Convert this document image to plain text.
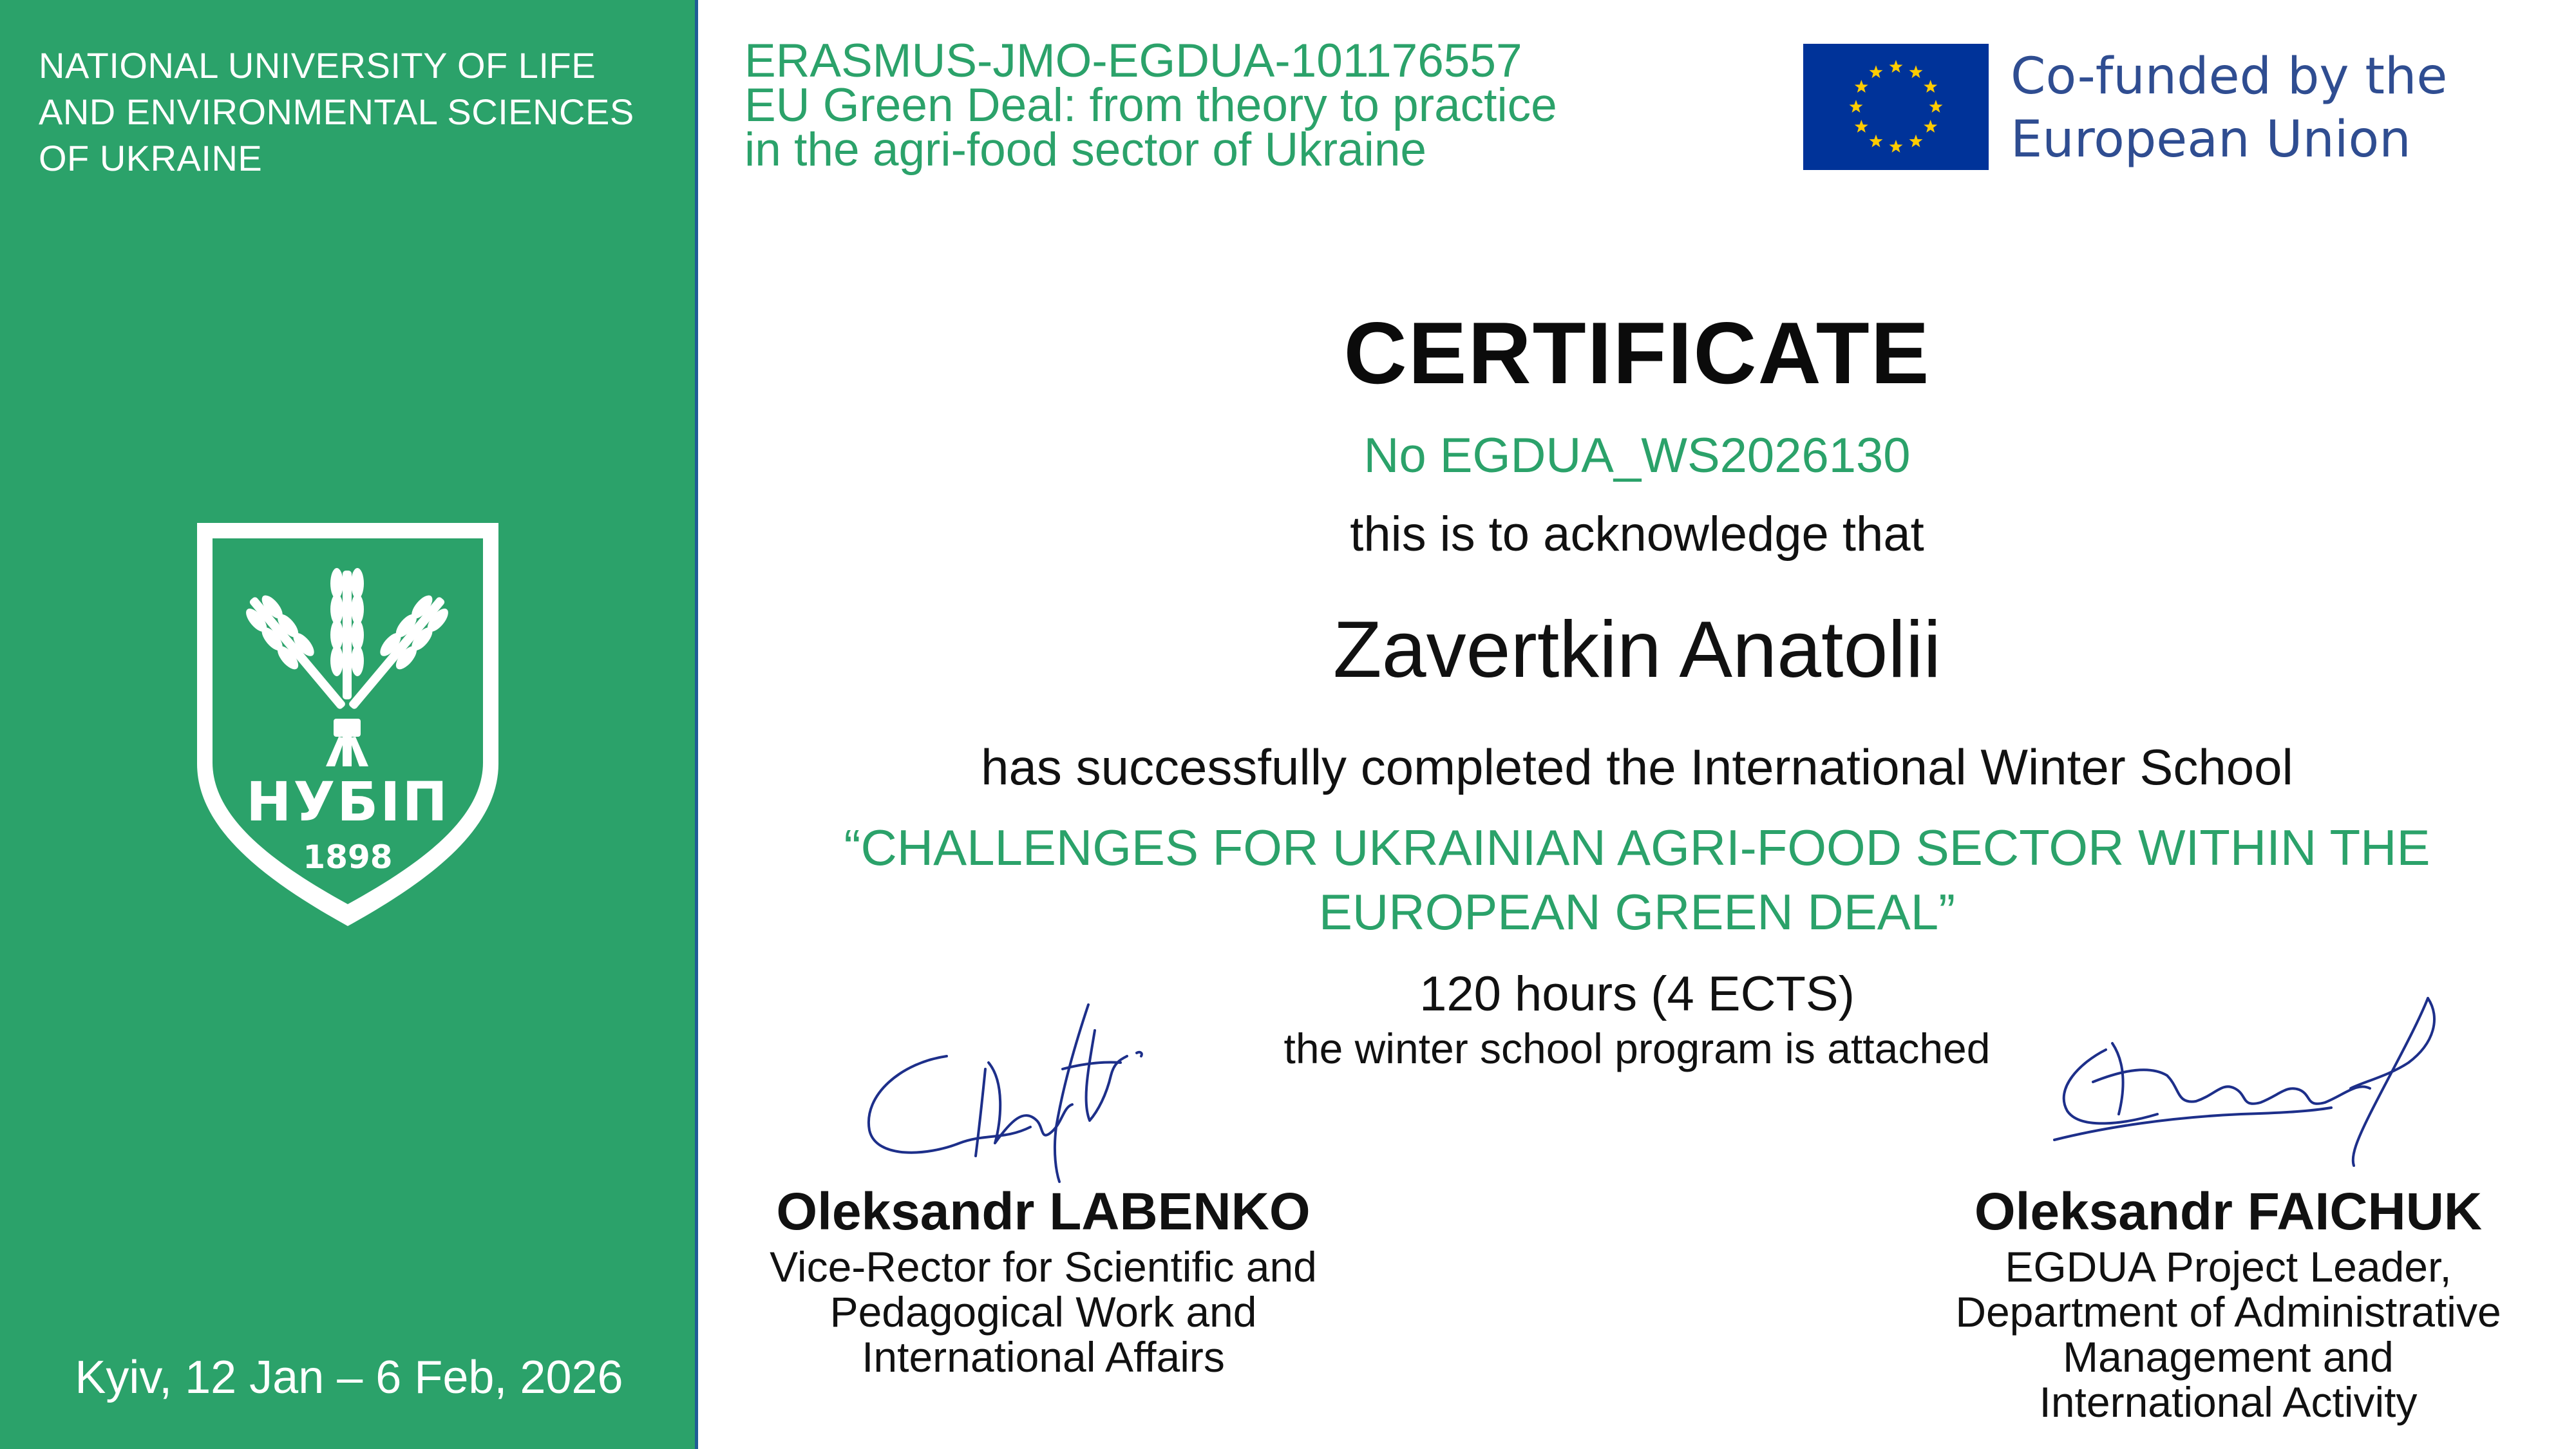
NATIONAL UNIVERSITY OF LIFE
AND ENVIRONMENTAL SCIENCES
OF UKRAINE
НУБІП
1898
Kyiv, 12 Jan – 6 Feb, 2026
ERASMUS-JMO-EGDUA-101176557
EU Green Deal: from theory to practice
in the agri-food sector of Ukraine
Co-funded by the
European Union
CERTIFICATE
No EGDUA_WS2026130
this is to acknowledge that
Zavertkin Anatolii
has successfully completed the International Winter School
“CHALLENGES FOR UKRAINIAN AGRI-FOOD SECTOR WITHIN THE EUROPEAN GREEN DEAL”
120 hours (4 ECTS)
the winter school program is attached
Oleksandr LABENKO
Vice-Rector for Scientific and
Pedagogical Work and
International Affairs
Oleksandr FAICHUK
EGDUA Project Leader,
Department of Administrative
Management and
International Activity
